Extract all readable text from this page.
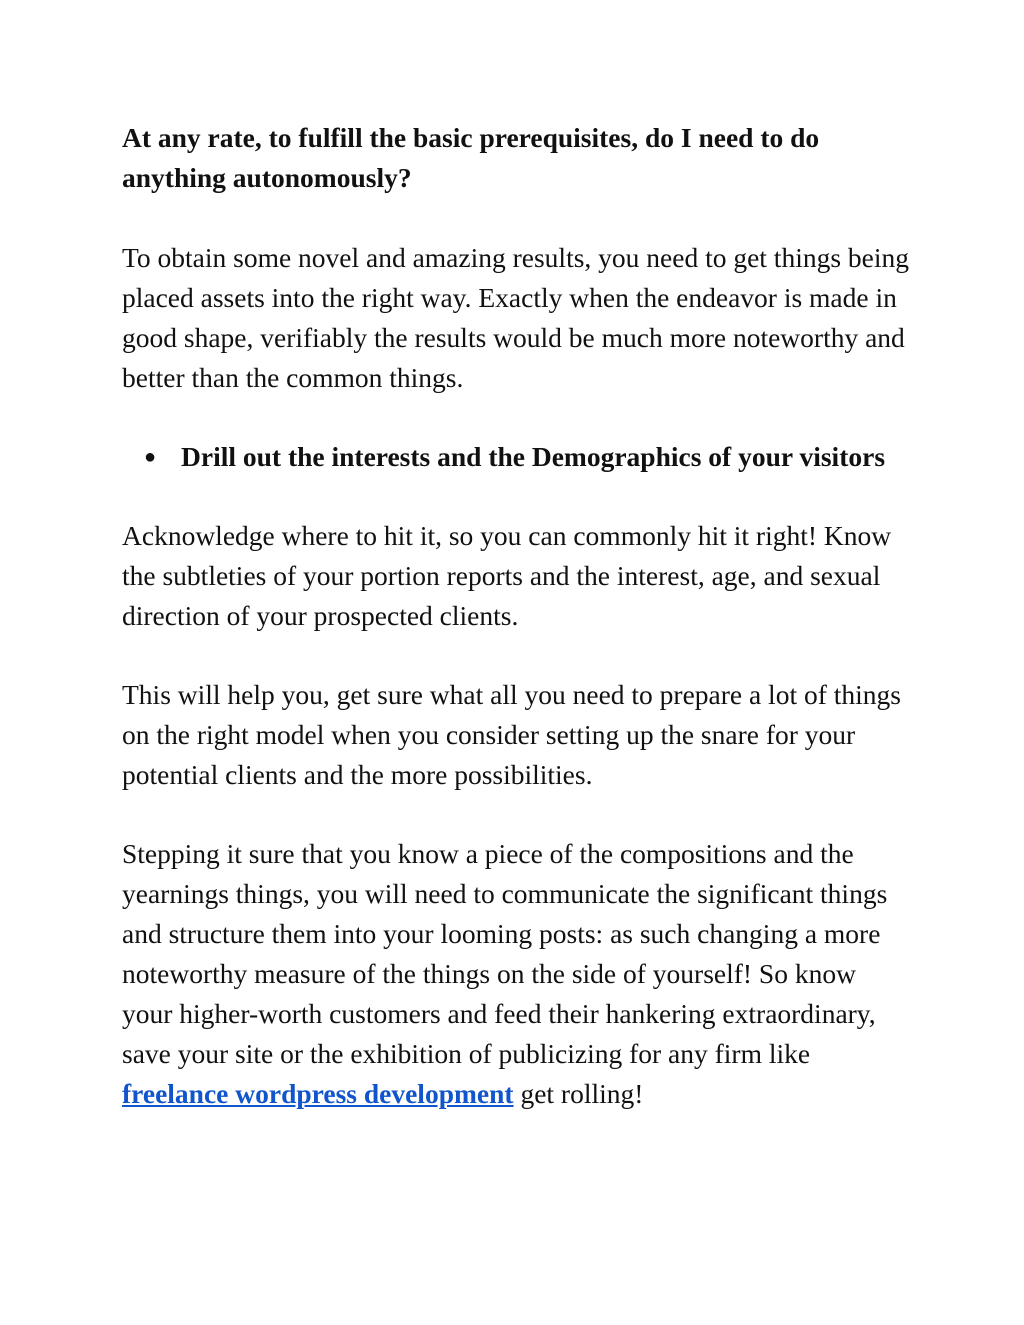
At any rate, to fulfill the basic prerequisites, do I need to do anything autonomously?

To obtain some novel and amazing results, you need to get things being placed assets into the right way. Exactly when the endeavor is made in good shape, verifiably the results would be much more noteworthy and better than the common things.

● Drill out the interests and the Demographics of your visitors

Acknowledge where to hit it, so you can commonly hit it right! Know the subtleties of your portion reports and the interest, age, and sexual direction of your prospected clients.

This will help you, get sure what all you need to prepare a lot of things on the right model when you consider setting up the snare for your potential clients and the more possibilities.

Stepping it sure that you know a piece of the compositions and the yearnings things, you will need to communicate the significant things and structure them into your looming posts: as such changing a more noteworthy measure of the things on the side of yourself! So know your higher-worth customers and feed their hankering extraordinary, save your site or the exhibition of publicizing for any firm like freelance wordpress development get rolling!
